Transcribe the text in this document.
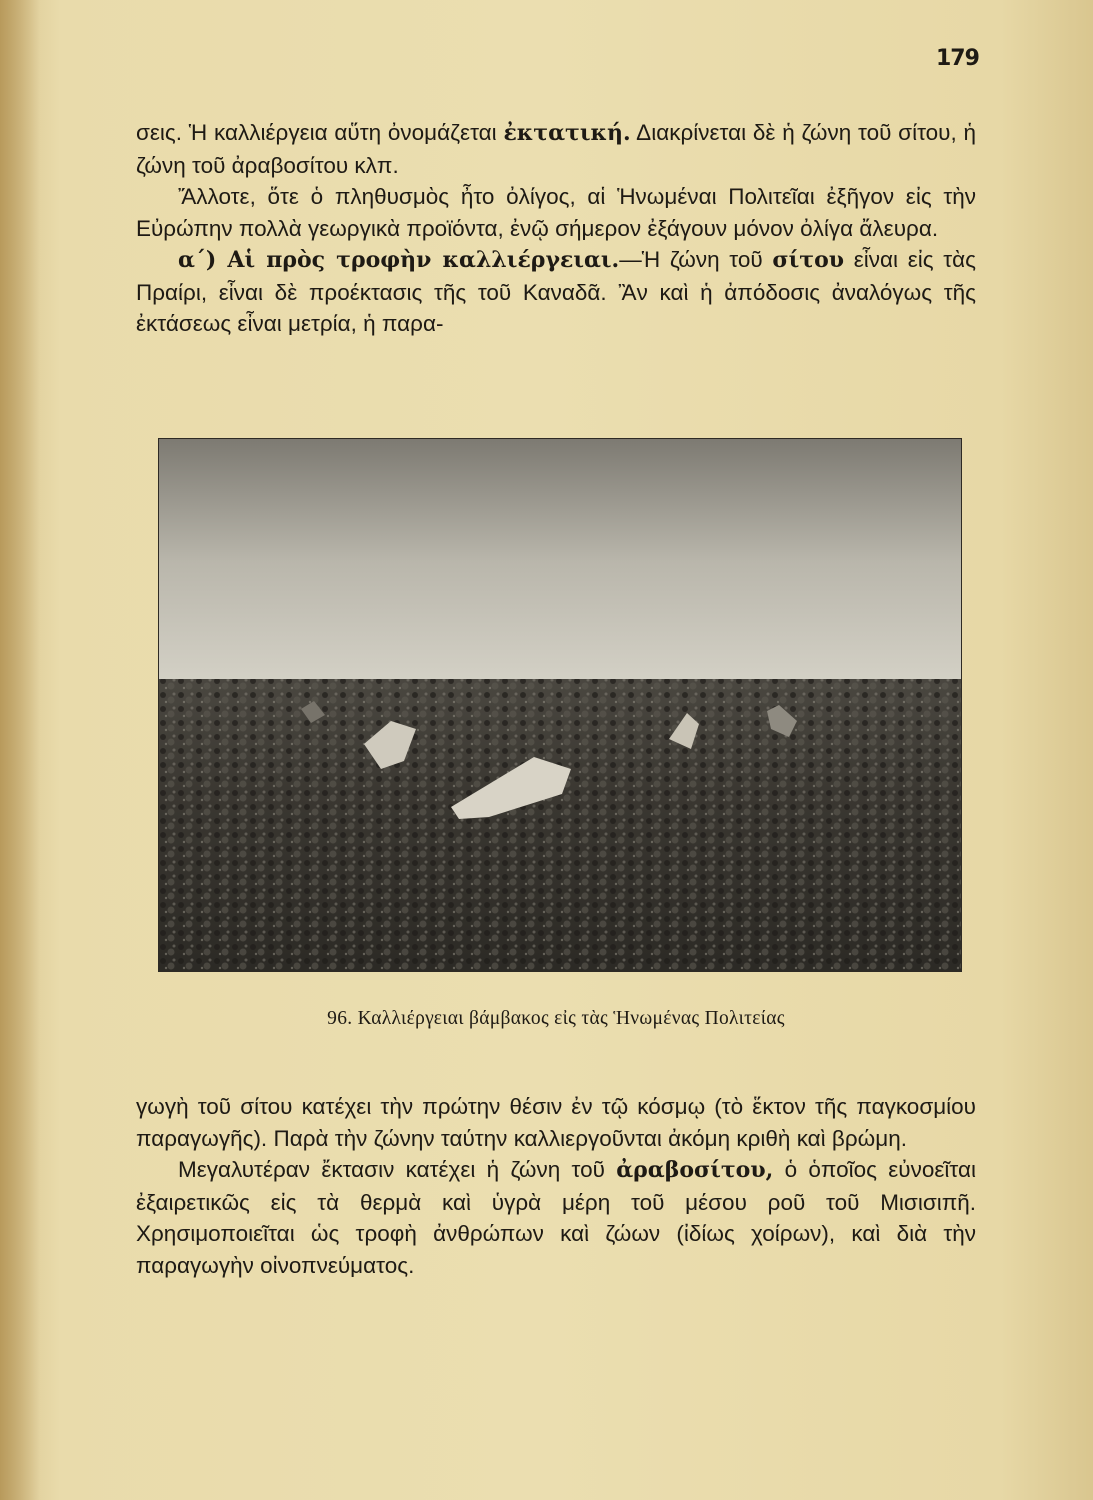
179

σεις. Ἡ καλλιέργεια αὕτη ὀνομάζεται ἐκτατική. Διακρίνεται δὲ ἡ ζώνη τοῦ σίτου, ἡ ζώνη τοῦ ἀραβοσίτου κλπ.

Ἄλλοτε, ὅτε ὁ πληθυσμὸς ἦτο ὀλίγος, αἱ Ἡνωμέναι Πολιτεῖαι ἐξῆγον εἰς τὴν Εὐρώπην πολλὰ γεωργικὰ προϊόντα, ἐνῷ σήμερον ἐξάγουν μόνον ὀλίγα ἄλευρα.

α΄) Αἱ πρὸς τροφὴν καλλιέργειαι.—Ἡ ζώνη τοῦ σίτου εἶναι εἰς τὰς Πραίρι, εἶναι δὲ προέκτασις τῆς τοῦ Καναδᾶ. Ἂν καὶ ἡ ἀπόδοσις ἀναλόγως τῆς ἐκτάσεως εἶναι μετρία, ἡ παρα-

96. Καλλιέργειαι βάμβακος εἰς τὰς Ἡνωμένας Πολιτείας

γωγὴ τοῦ σίτου κατέχει τὴν πρώτην θέσιν ἐν τῷ κόσμῳ (τὸ ἕκτον τῆς παγκοσμίου παραγωγῆς). Παρὰ τὴν ζώνην ταύτην καλλιεργοῦνται ἀκόμη κριθὴ καὶ βρώμη.

Μεγαλυτέραν ἔκτασιν κατέχει ἡ ζώνη τοῦ ἀραβοσίτου, ὁ ὁποῖος εὐνοεῖται ἐξαιρετικῶς εἰς τὰ θερμὰ καὶ ὑγρὰ μέρη τοῦ μέσου ροῦ τοῦ Μισισιπῆ. Χρησιμοποιεῖται ὡς τροφὴ ἀνθρώπων καὶ ζώων (ἰδίως χοίρων), καὶ διὰ τὴν παραγωγὴν οἰνοπνεύματος.
